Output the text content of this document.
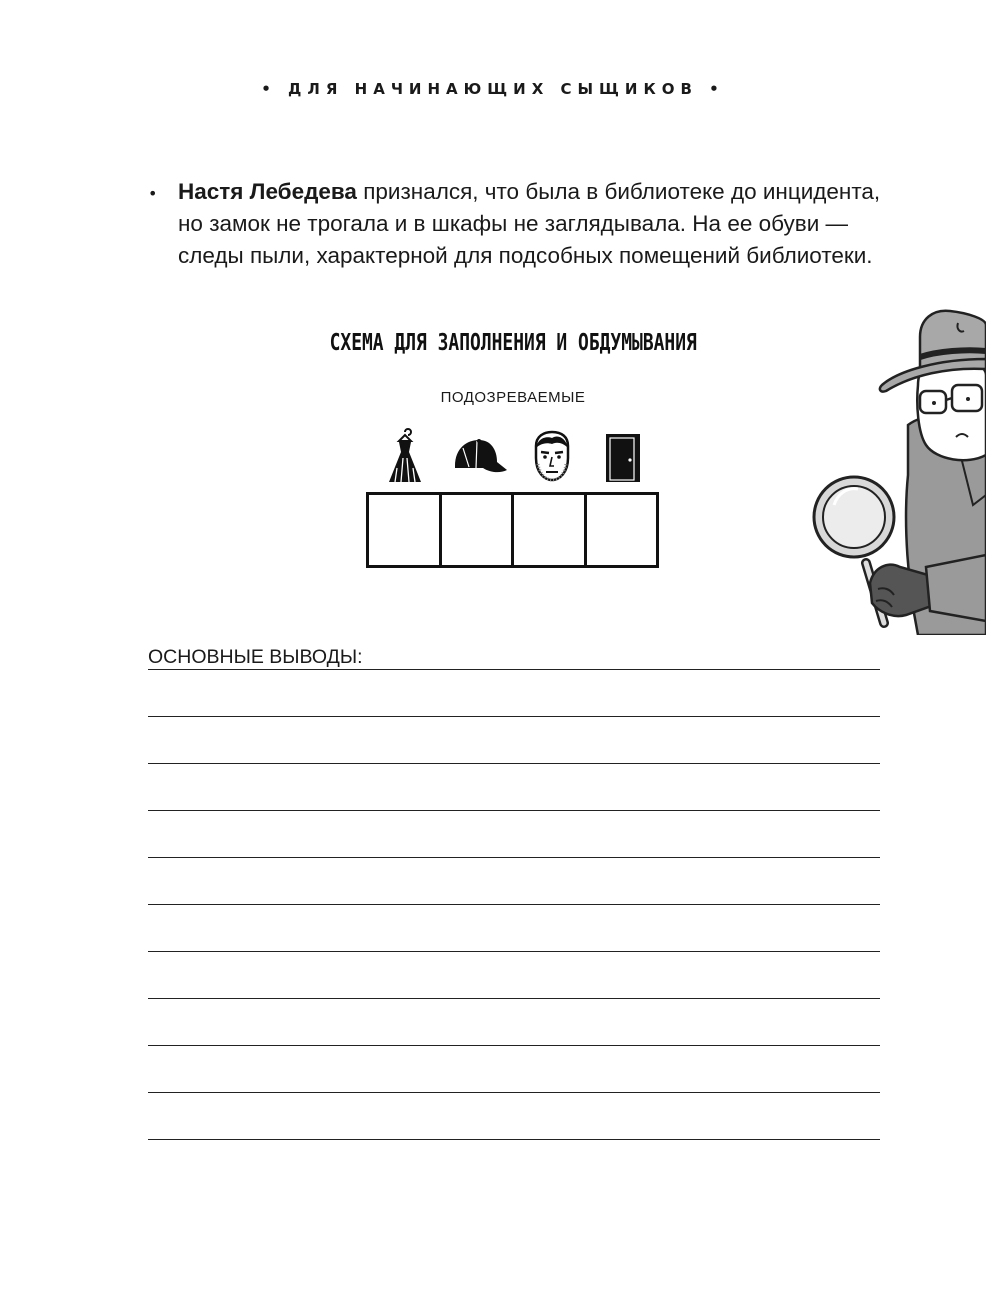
• ДЛЯ НАЧИНАЮЩИХ СЫЩИКОВ •
• Настя Лебедева признался, что была в библиотеке до инцидента, но замок не трогала и в шкафы не заглядывала. На ее обуви — следы пыли, характерной для подсобных помещений библиотеки.
СХЕМА ДЛЯ ЗАПОЛНЕНИЯ И ОБДУМЫВАНИЯ
ПОДОЗРЕВАЕМЫЕ
ОСНОВНЫЕ ВЫВОДЫ:
